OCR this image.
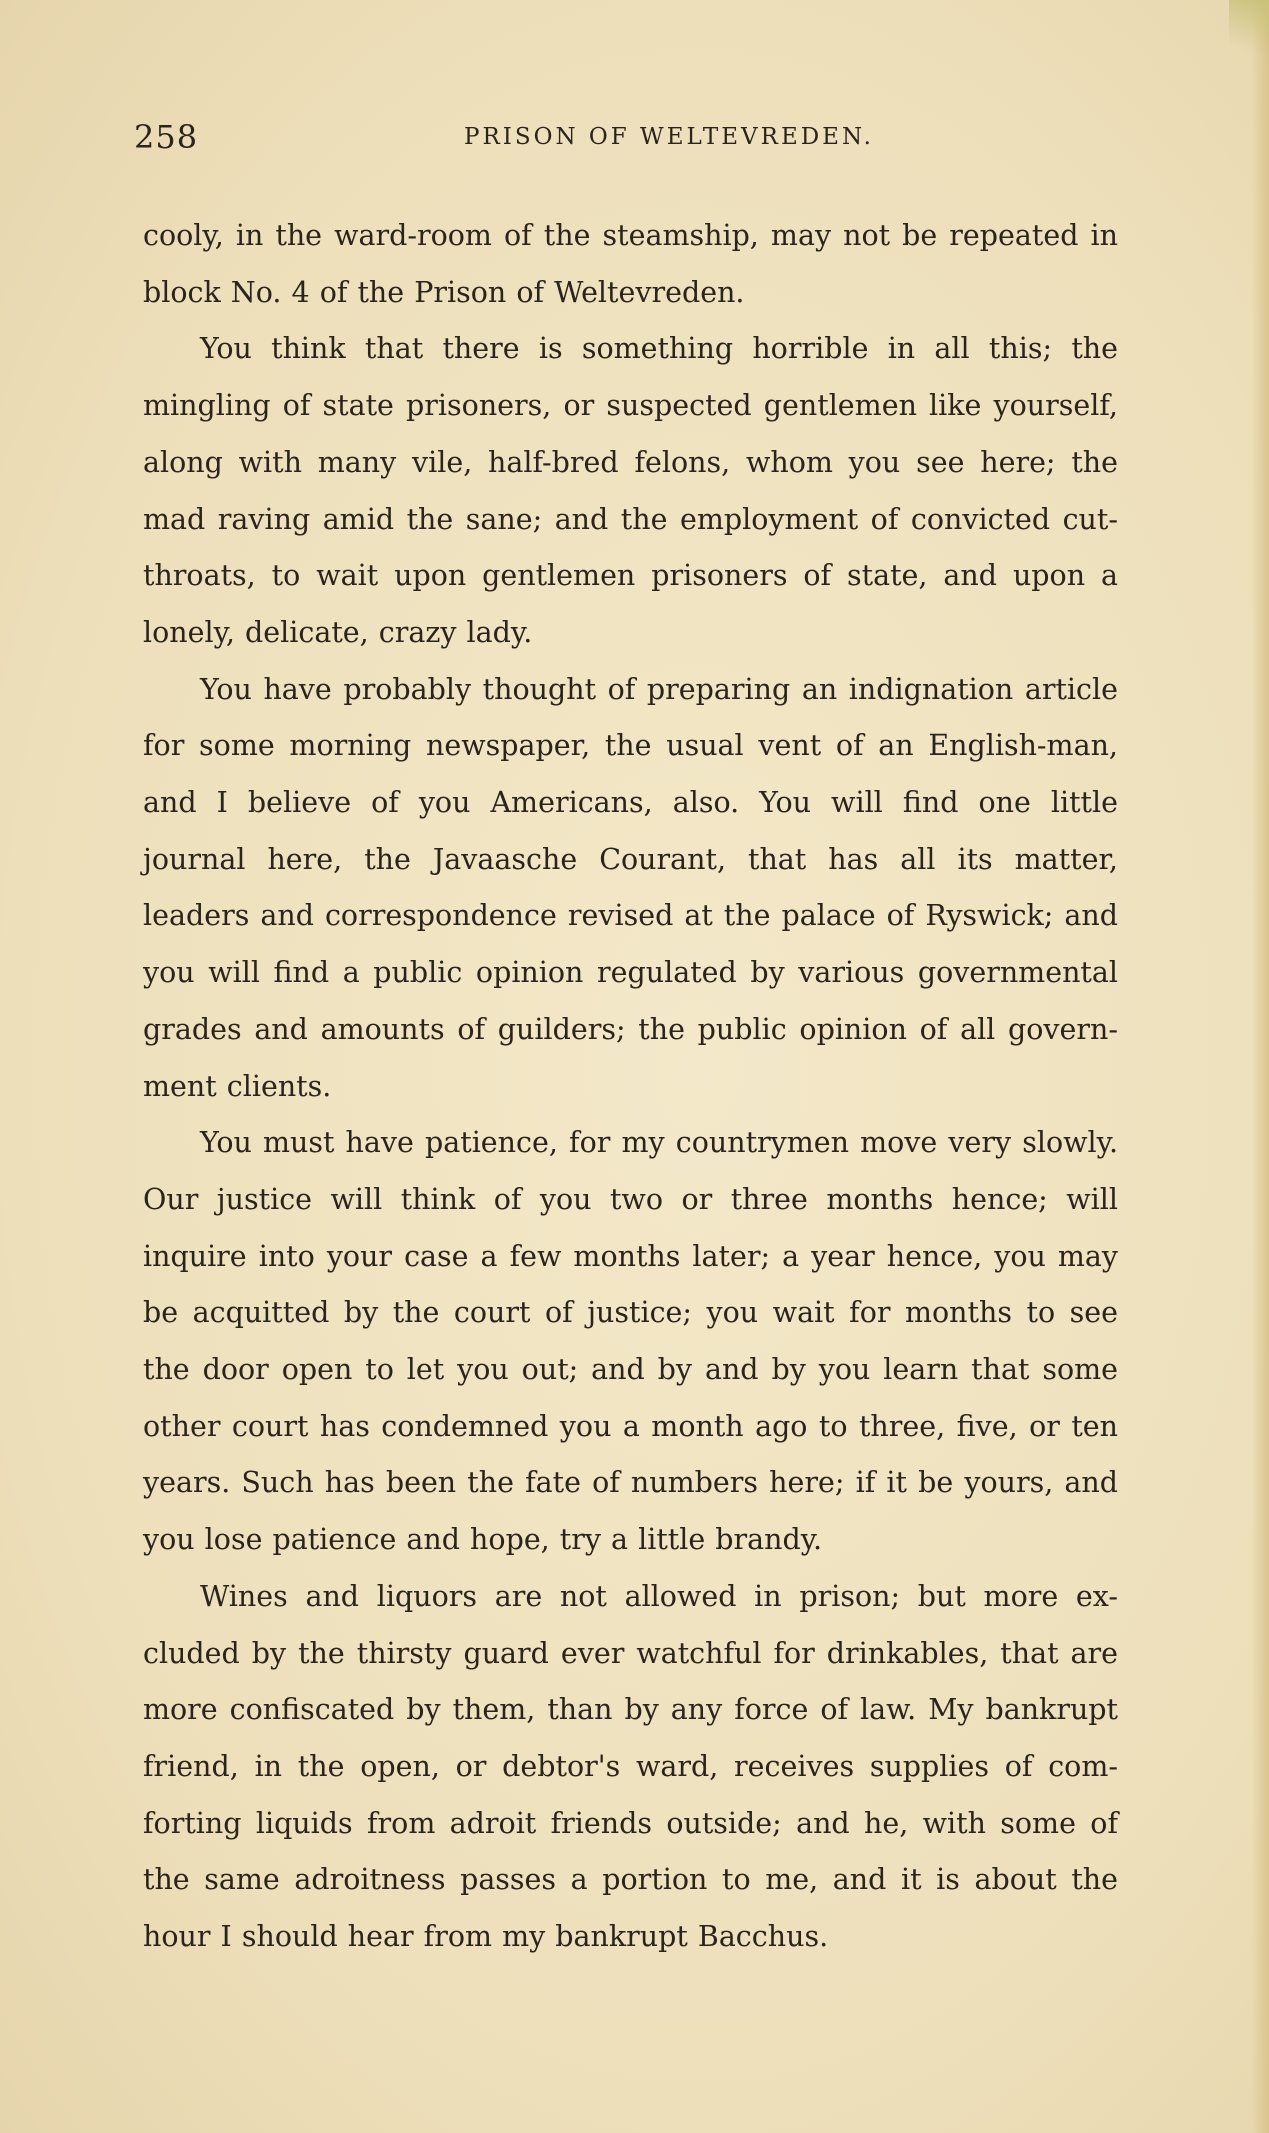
258	PRISON OF WELTEVREDEN.

cooly, in the ward-room of the steamship, may not be repeated in block No. 4 of the Prison of Weltevreden.

You think that there is something horrible in all this; the mingling of state prisoners, or suspected gentlemen like yourself, along with many vile, half-bred felons, whom you see here; the mad raving amid the sane; and the employment of convicted cut-throats, to wait upon gentlemen prisoners of state, and upon a lonely, delicate, crazy lady.

You have probably thought of preparing an indignation article for some morning newspaper, the usual vent of an English-man, and I believe of you Americans, also. You will find one little journal here, the Javaasche Courant, that has all its matter, leaders and correspondence revised at the palace of Ryswick; and you will find a public opinion regulated by various governmental grades and amounts of guilders; the public opinion of all govern-ment clients.

You must have patience, for my countrymen move very slowly. Our justice will think of you two or three months hence; will inquire into your case a few months later; a year hence, you may be acquitted by the court of justice; you wait for months to see the door open to let you out; and by and by you learn that some other court has condemned you a month ago to three, five, or ten years. Such has been the fate of numbers here; if it be yours, and you lose patience and hope, try a little brandy.

Wines and liquors are not allowed in prison; but more ex-cluded by the thirsty guard ever watchful for drinkables, that are more confiscated by them, than by any force of law. My bankrupt friend, in the open, or debtor's ward, receives supplies of com-forting liquids from adroit friends outside; and he, with some of the same adroitness passes a portion to me, and it is about the hour I should hear from my bankrupt Bacchus.
